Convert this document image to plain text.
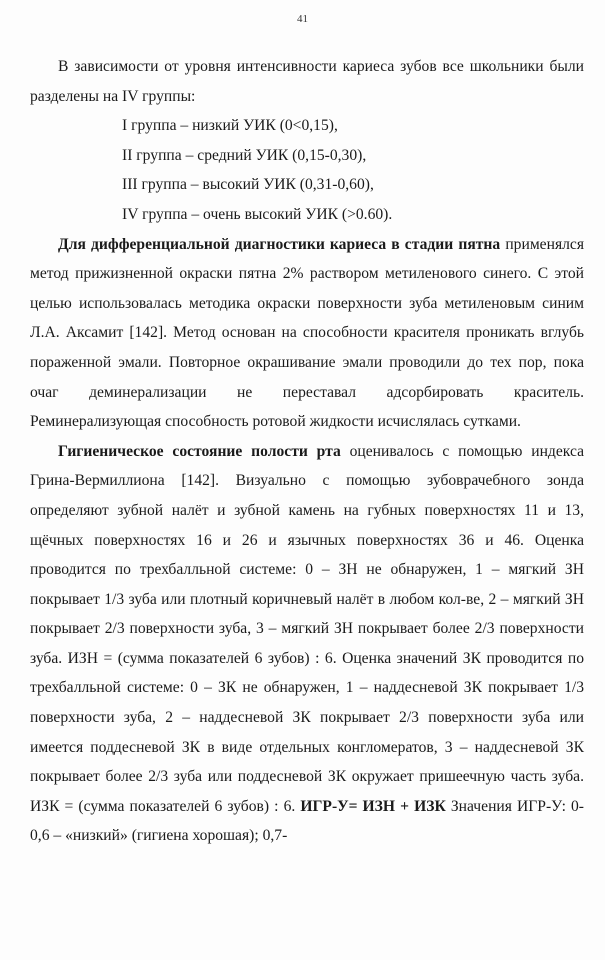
41

В зависимости от уровня интенсивности кариеса зубов все школьники были разделены на IV группы:

I группа – низкий УИК (0<0,15),

II группа – средний УИК (0,15-0,30),

III группа – высокий УИК (0,31-0,60),

IV группа – очень высокий УИК (>0.60).

Для дифференциальной диагностики кариеса в стадии пятна применялся метод прижизненной окраски пятна 2% раствором метиленового синего. С этой целью использовалась методика окраски поверхности зуба метиленовым синим Л.А. Аксамит [142]. Метод основан на способности красителя проникать вглубь пораженной эмали. Повторное окрашивание эмали проводили до тех пор, пока очаг деминерализации не переставал адсорбировать краситель. Реминерализующая способность ротовой жидкости исчислялась сутками.

Гигиеническое состояние полости рта оценивалось с помощью индекса Грина-Вермиллиона [142]. Визуально с помощью зубоврачебного зонда определяют зубной налёт и зубной камень на губных поверхностях 11 и 13, щёчных поверхностях 16 и 26 и язычных поверхностях 36 и 46. Оценка проводится по трехбалльной системе: 0 – ЗН не обнаружен, 1 – мягкий ЗН покрывает 1/3 зуба или плотный коричневый налёт в любом кол-ве, 2 – мягкий ЗН покрывает 2/3 поверхности зуба, 3 – мягкий ЗН покрывает более 2/3 поверхности зуба. ИЗН = (сумма показателей 6 зубов) : 6. Оценка значений ЗК проводится по трехбалльной системе: 0 – ЗК не обнаружен, 1 – наддесневой ЗК покрывает 1/3 поверхности зуба, 2 – наддесневой ЗК покрывает 2/3 поверхности зуба или имеется поддесневой ЗК в виде отдельных конгломератов, 3 – наддесневой ЗК покрывает более 2/3 зуба или поддесневой ЗК окружает пришеечную часть зуба. ИЗК = (сумма показателей 6 зубов) : 6. ИГР-У= ИЗН + ИЗК Значения ИГР-У: 0-0,6 – «низкий» (гигиена хорошая); 0,7-
